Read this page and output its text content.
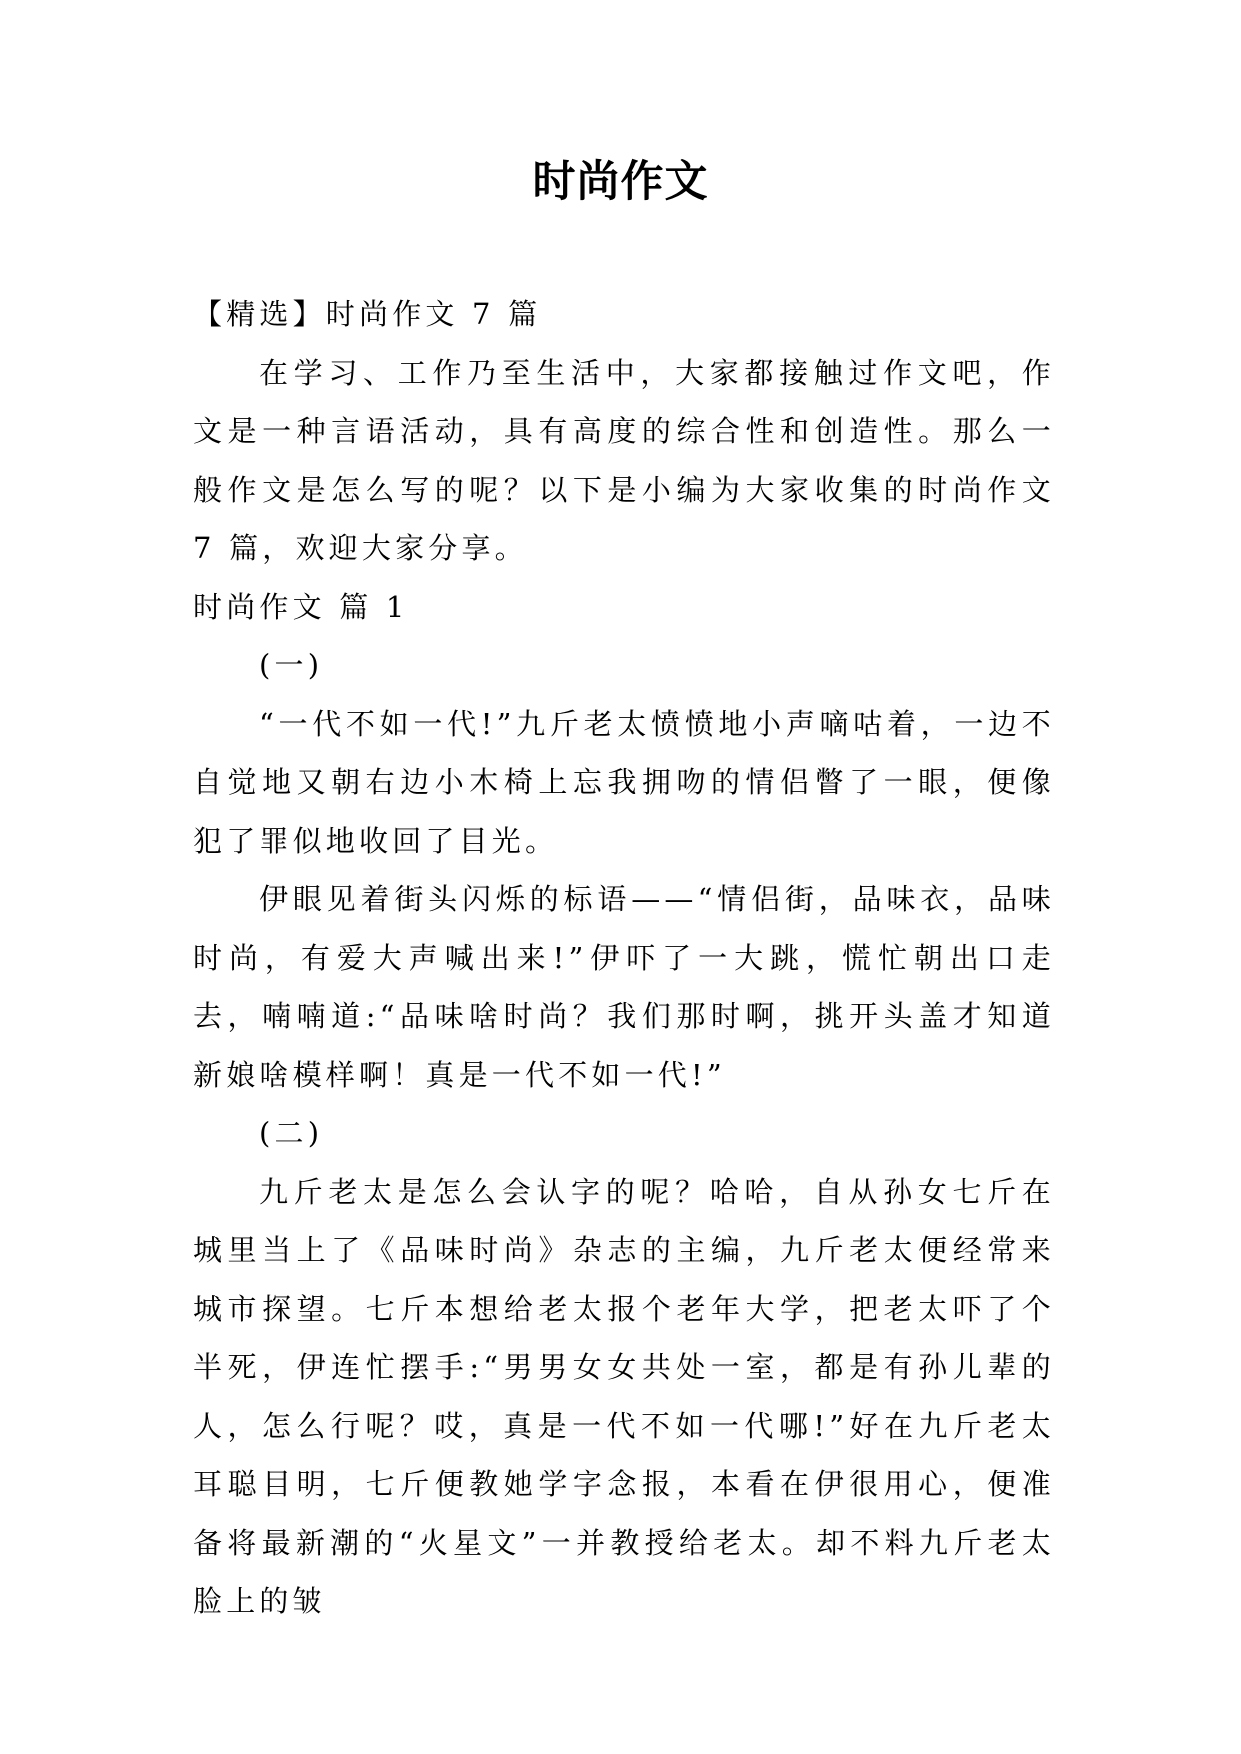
时尚作文

【精选】时尚作文 7 篇

在学习、工作乃至生活中，大家都接触过作文吧，作文是一种言语活动，具有高度的综合性和创造性。那么一般作文是怎么写的呢？以下是小编为大家收集的时尚作文 7 篇，欢迎大家分享。

时尚作文 篇 1

(一)

“一代不如一代!”九斤老太愤愤地小声嘀咕着，一边不自觉地又朝右边小木椅上忘我拥吻的情侣瞥了一眼，便像犯了罪似地收回了目光。

伊眼见着街头闪烁的标语——“情侣街，品味衣，品味时尚，有爱大声喊出来!”伊吓了一大跳，慌忙朝出口走去，喃喃道:“品味啥时尚？我们那时啊，挑开头盖才知道新娘啥模样啊！真是一代不如一代!”

(二)

九斤老太是怎么会认字的呢？哈哈，自从孙女七斤在城里当上了《品味时尚》杂志的主编，九斤老太便经常来城市探望。七斤本想给老太报个老年大学，把老太吓了个半死，伊连忙摆手:“男男女女共处一室，都是有孙儿辈的人，怎么行呢？哎，真是一代不如一代哪!”好在九斤老太耳聪目明，七斤便教她学字念报，本看在伊很用心，便准备将最新潮的“火星文”一并教授给老太。却不料九斤老太脸上的皱
